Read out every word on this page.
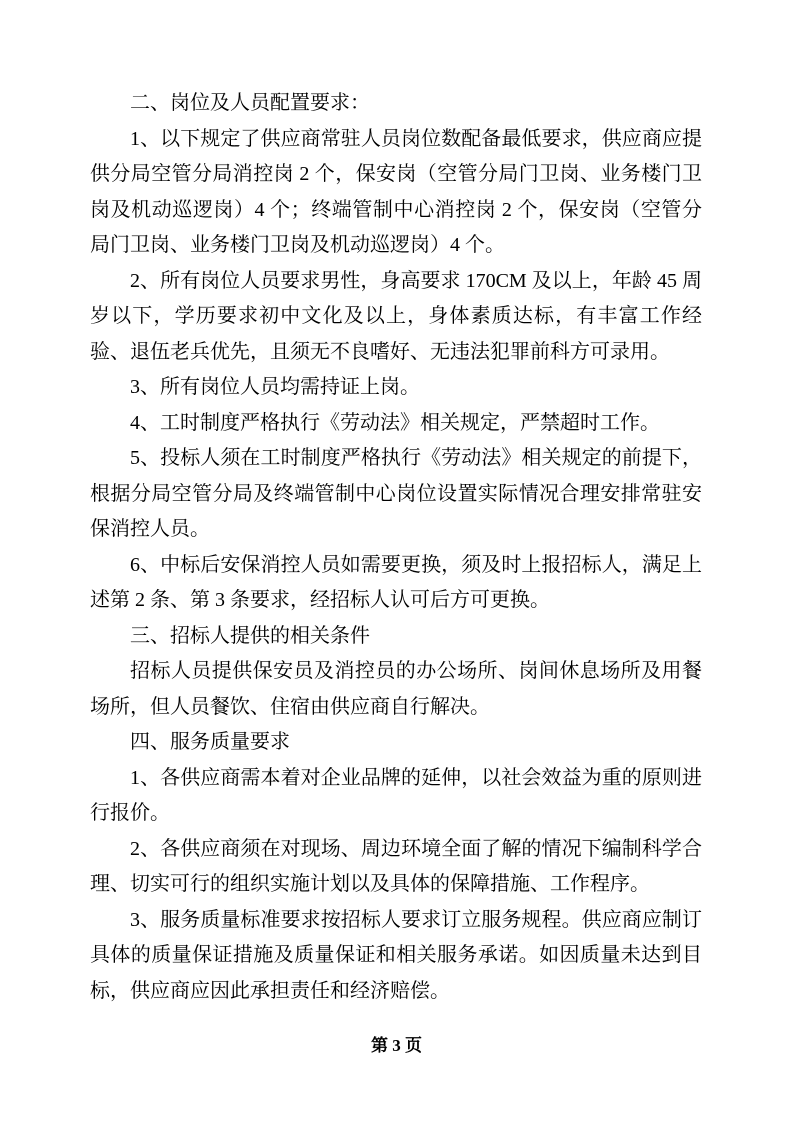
二、岗位及人员配置要求：

1、以下规定了供应商常驻人员岗位数配备最低要求，供应商应提供分局空管分局消控岗 2 个，保安岗（空管分局门卫岗、业务楼门卫岗及机动巡逻岗）4 个；终端管制中心消控岗 2 个，保安岗（空管分局门卫岗、业务楼门卫岗及机动巡逻岗）4 个。

2、所有岗位人员要求男性，身高要求 170CM 及以上，年龄 45 周岁以下，学历要求初中文化及以上，身体素质达标，有丰富工作经验、退伍老兵优先，且须无不良嗜好、无违法犯罪前科方可录用。

3、所有岗位人员均需持证上岗。

4、工时制度严格执行《劳动法》相关规定，严禁超时工作。

5、投标人须在工时制度严格执行《劳动法》相关规定的前提下，根据分局空管分局及终端管制中心岗位设置实际情况合理安排常驻安保消控人员。

6、中标后安保消控人员如需要更换，须及时上报招标人，满足上述第 2 条、第 3 条要求，经招标人认可后方可更换。

三、招标人提供的相关条件

招标人员提供保安员及消控员的办公场所、岗间休息场所及用餐场所，但人员餐饮、住宿由供应商自行解决。

四、服务质量要求

1、各供应商需本着对企业品牌的延伸，以社会效益为重的原则进行报价。

2、各供应商须在对现场、周边环境全面了解的情况下编制科学合理、切实可行的组织实施计划以及具体的保障措施、工作程序。

3、服务质量标准要求按招标人要求订立服务规程。供应商应制订具体的质量保证措施及质量保证和相关服务承诺。如因质量未达到目标，供应商应因此承担责任和经济赔偿。

第 3 页
